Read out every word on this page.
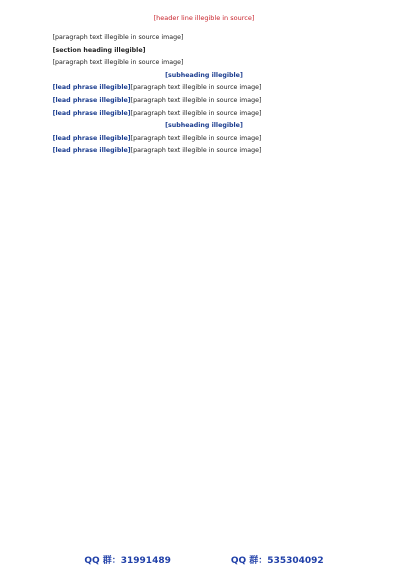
[header line illegible in source]

[paragraph text illegible in source image]

[section heading illegible]

[paragraph text illegible in source image]

[subheading illegible]

[lead phrase illegible][paragraph text illegible in source image]

[lead phrase illegible][paragraph text illegible in source image]

[lead phrase illegible][paragraph text illegible in source image]

[subheading illegible]

[lead phrase illegible][paragraph text illegible in source image]

[lead phrase illegible][paragraph text illegible in source image]

QQ 群：31991489	QQ 群：535304092
